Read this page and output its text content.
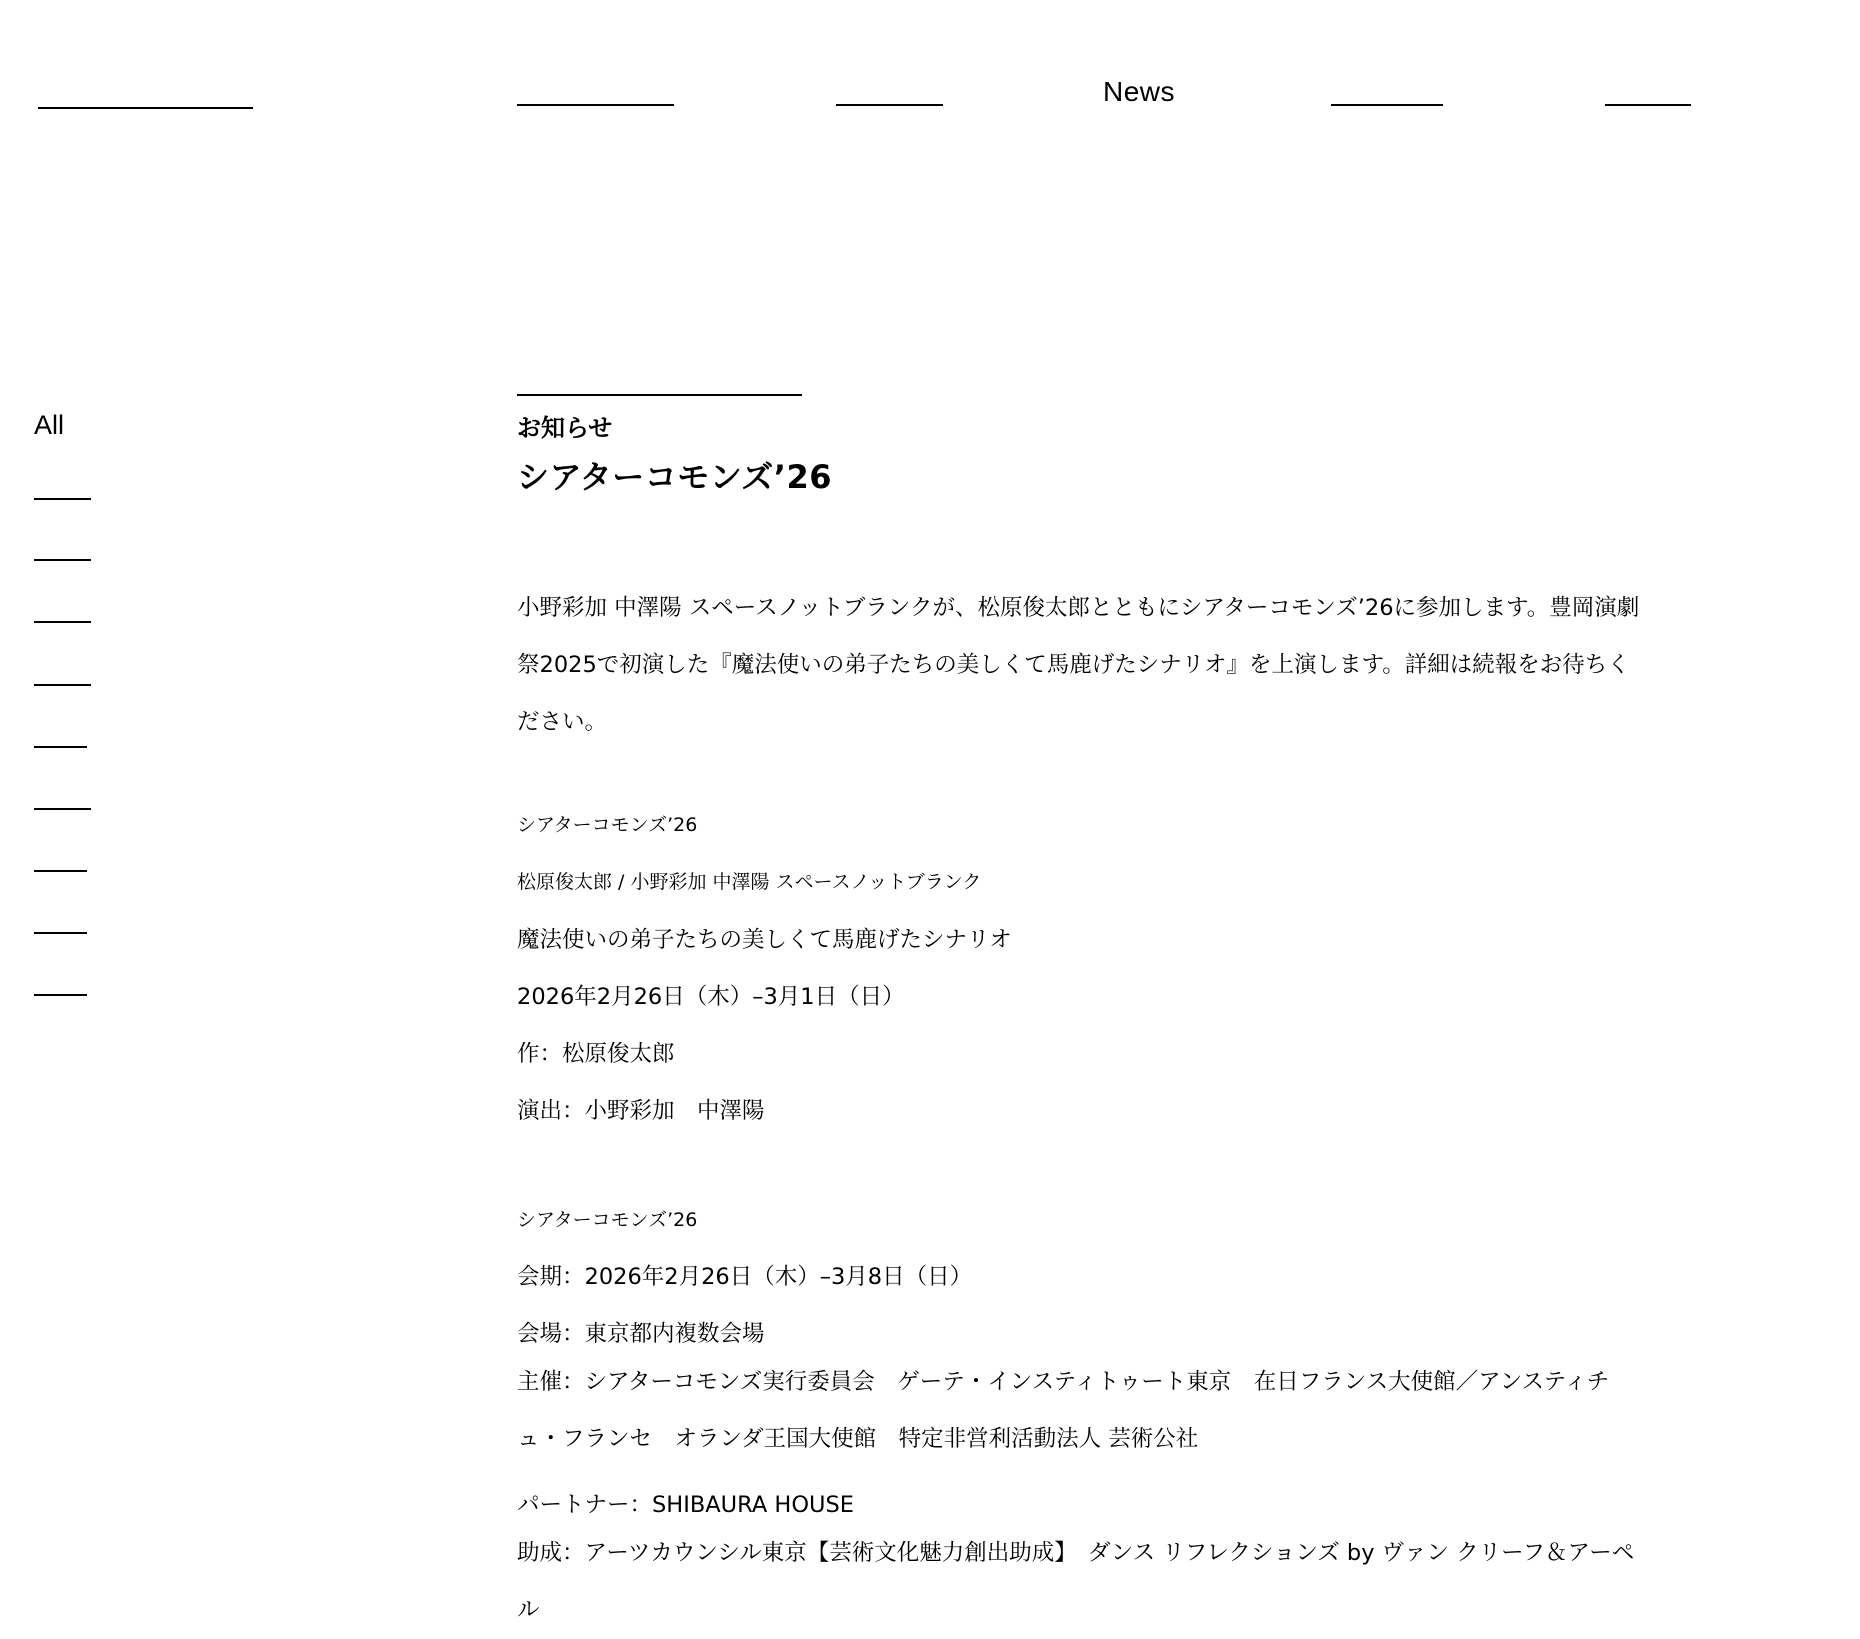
News
All	お知らせ
シアターコモンズ’26

小野彩加 中澤陽 スペースノットブランクが、松原俊太郎とともにシアターコモンズ’26に参加します。豊岡演劇祭2025で初演した『魔法使いの弟子たちの美しくて馬鹿げたシナリオ』を上演します。詳細は続報をお待ちください。

シアターコモンズ’26
松原俊太郎 / 小野彩加 中澤陽 スペースノットブランク
魔法使いの弟子たちの美しくて馬鹿げたシナリオ
2026年2月26日（木）–3月1日（日）
作：松原俊太郎
演出：小野彩加　中澤陽
シアターコモンズ’26
会期：2026年2月26日（木）–3月8日（日）
会場：東京都内複数会場

主催：シアターコモンズ実行委員会　ゲーテ・インスティトゥート東京　在日フランス大使館／アンスティチュ・フランセ　オランダ王国大使館　特定非営利活動法人 芸術公社

パートナー：SHIBAURA HOUSE

助成：アーツカウンシル東京【芸術文化魅力創出助成】　ダンス リフレクションズ by ヴァン クリーフ＆アーペル
